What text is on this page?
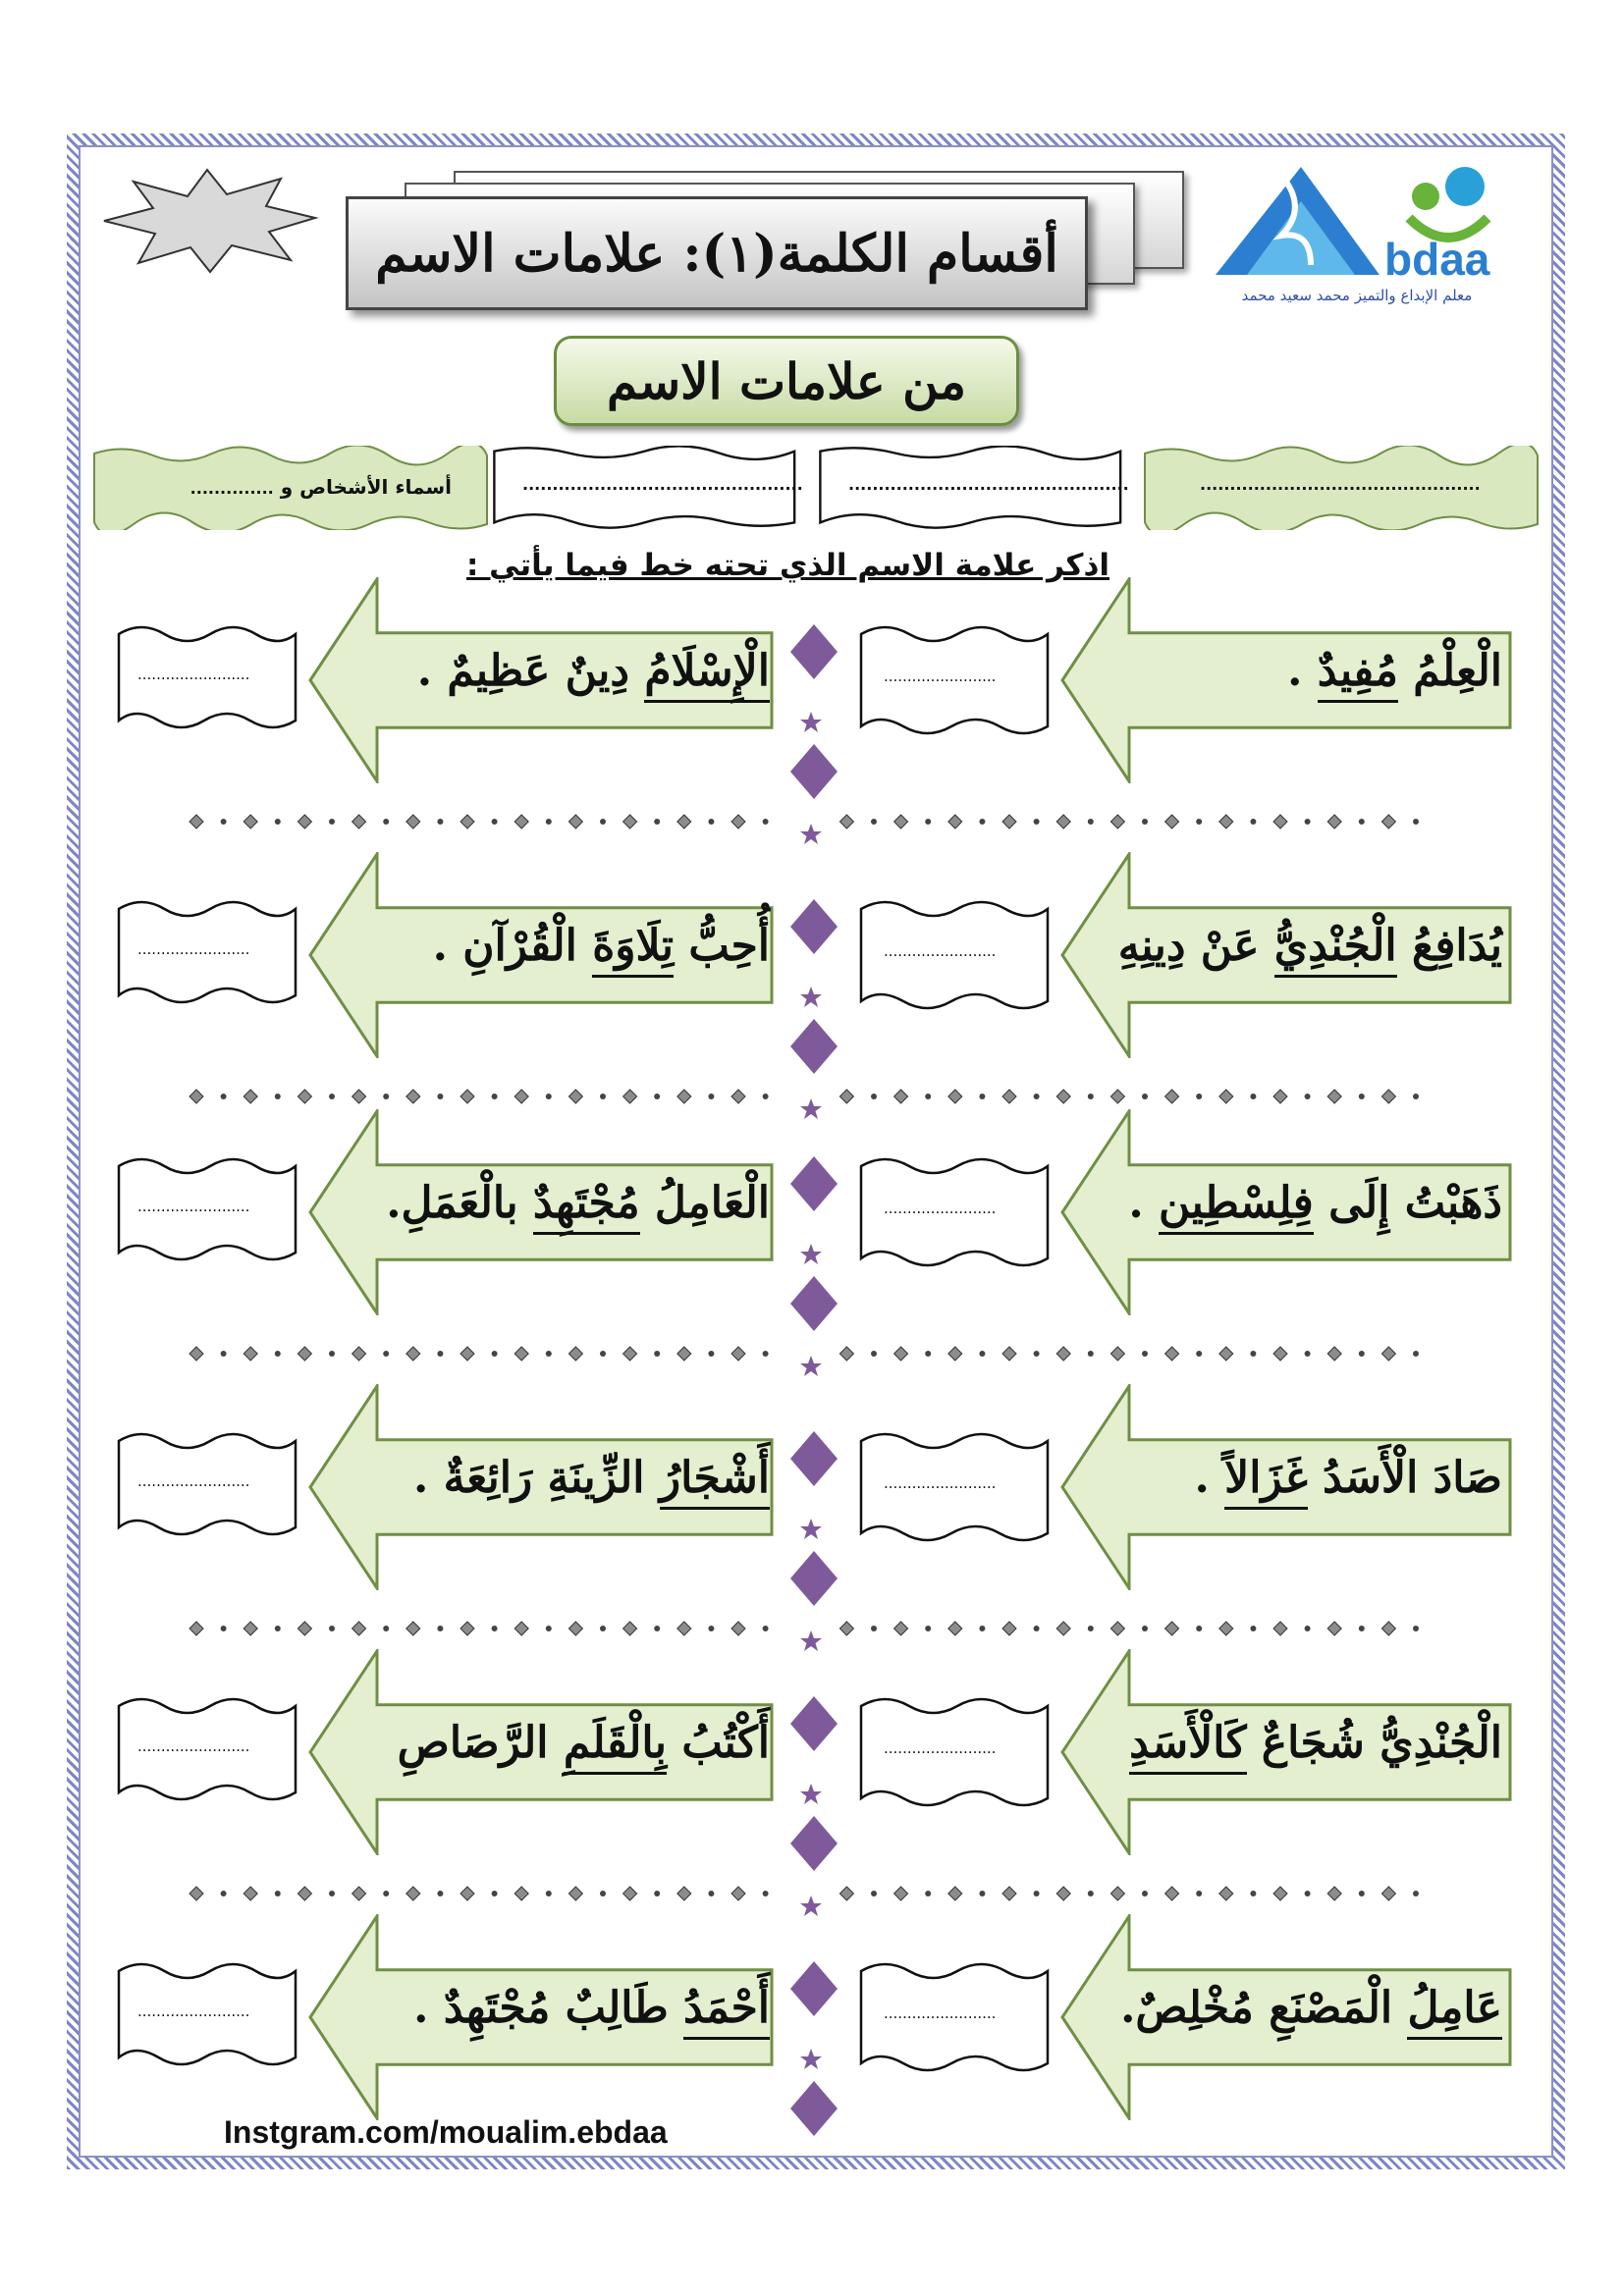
أقسام الكلمة(١): علامات الاسم	bdaa
معلم الإبداع والتميز محمد سعيد محمد
من علامات الاسم
أسماء الأشخاص و ..............	...............................................	...............................................	...............................................
اذكر علامة الاسم الذي تحته خط فيما يأتي :
........................	الْإِسْلَامُ دِينٌ عَظِيمٌ .	........................	الْعِلْمُ مُفِيدٌ .
........................	أُحِبُّ تِلَاوَةَ الْقُرْآنِ .	........................	يُدَافِعُ الْجُنْدِيُّ عَنْ دِينِهِ
........................	الْعَامِلُ مُجْتَهِدٌ بالْعَمَلِ.	........................	ذَهَبْتُ إِلَى فِلِسْطِين .
........................	أَشْجَارُ الزِّينَةِ رَائِعَةٌ .	........................	صَادَ الْأَسَدُ غَزَالاً .
........................	أَكْتُبُ بِالْقَلَمِ الرَّصَاصِ	........................	الْجُنْدِيُّ شُجَاعٌ كَالْأَسَدِ
........................	أَحْمَدُ طَالِبٌ مُجْتَهِدٌ .	........................	عَامِلُ الْمَصْنَعِ مُخْلِصٌ.
Instgram.com/moualim.ebdaa
